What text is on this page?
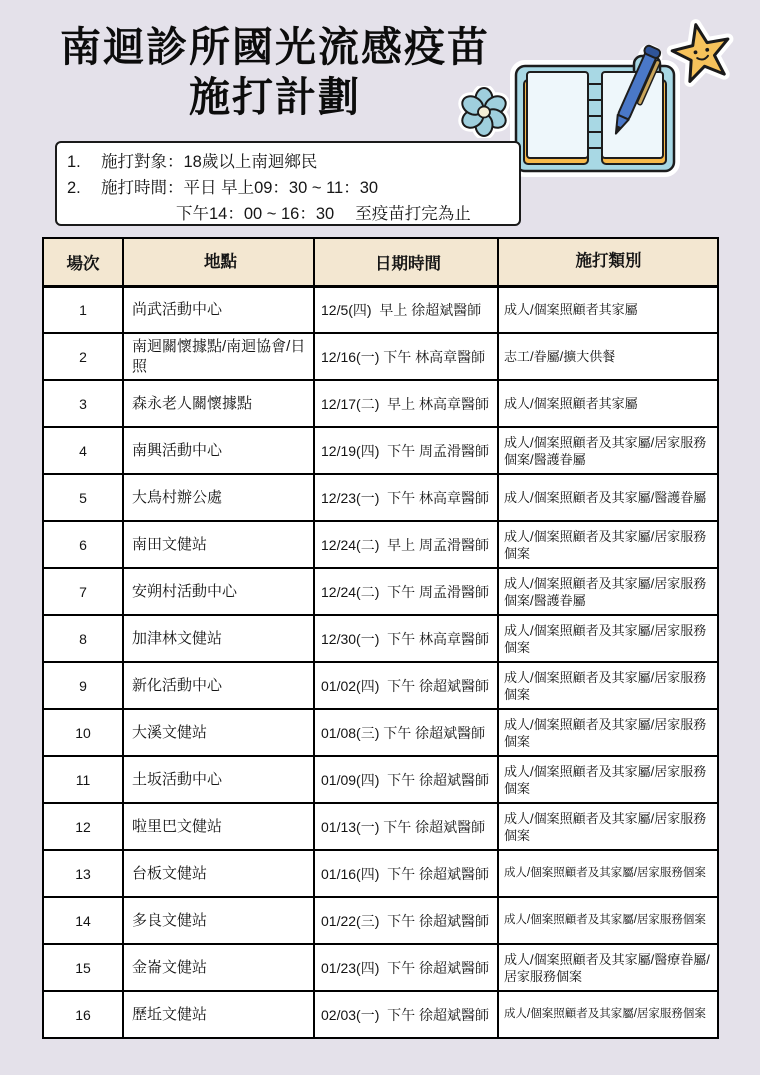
南迴診所國光流感疫苗
施打計劃
1.	施打對象：18歲以上南迴鄉民
2.	施打時間：平日 早上09：30 ~ 11：30
下午14：00 ~ 16：30　 至疫苗打完為止
場次	地點	日期時間	施打類別
1	尚武活動中心	12/5(四)  早上 徐超斌醫師	成人/個案照顧者其家屬
2	南迴關懷據點/南迴協會/日照	12/16(一) 下午 林高章醫師	志工/眷屬/擴大供餐
3	森永老人關懷據點	12/17(二)  早上 林高章醫師	成人/個案照顧者其家屬
4	南興活動中心	12/19(四)  下午 周孟滑醫師	成人/個案照顧者及其家屬/居家服務個案/醫護眷屬
5	大鳥村辦公處	12/23(一)  下午 林高章醫師	成人/個案照顧者及其家屬/醫護眷屬
6	南田文健站	12/24(二)  早上 周孟滑醫師	成人/個案照顧者及其家屬/居家服務個案
7	安朔村活動中心	12/24(二)  下午 周孟滑醫師	成人/個案照顧者及其家屬/居家服務個案/醫護眷屬
8	加津林文健站	12/30(一)  下午 林高章醫師	成人/個案照顧者及其家屬/居家服務個案
9	新化活動中心	01/02(四)  下午 徐超斌醫師	成人/個案照顧者及其家屬/居家服務個案
10	大溪文健站	01/08(三) 下午 徐超斌醫師	成人/個案照顧者及其家屬/居家服務個案
11	土坂活動中心	01/09(四)  下午 徐超斌醫師	成人/個案照顧者及其家屬/居家服務個案
12	啦里巴文健站	01/13(一) 下午 徐超斌醫師	成人/個案照顧者及其家屬/居家服務個案
13	台板文健站	01/16(四)  下午 徐超斌醫師	成人/個案照顧者及其家屬/居家服務個案
14	多良文健站	01/22(三)  下午 徐超斌醫師	成人/個案照顧者及其家屬/居家服務個案
15	金崙文健站	01/23(四)  下午 徐超斌醫師	成人/個案照顧者及其家屬/醫療眷屬/居家服務個案
16	歷坵文健站	02/03(一)  下午 徐超斌醫師	成人/個案照顧者及其家屬/居家服務個案
